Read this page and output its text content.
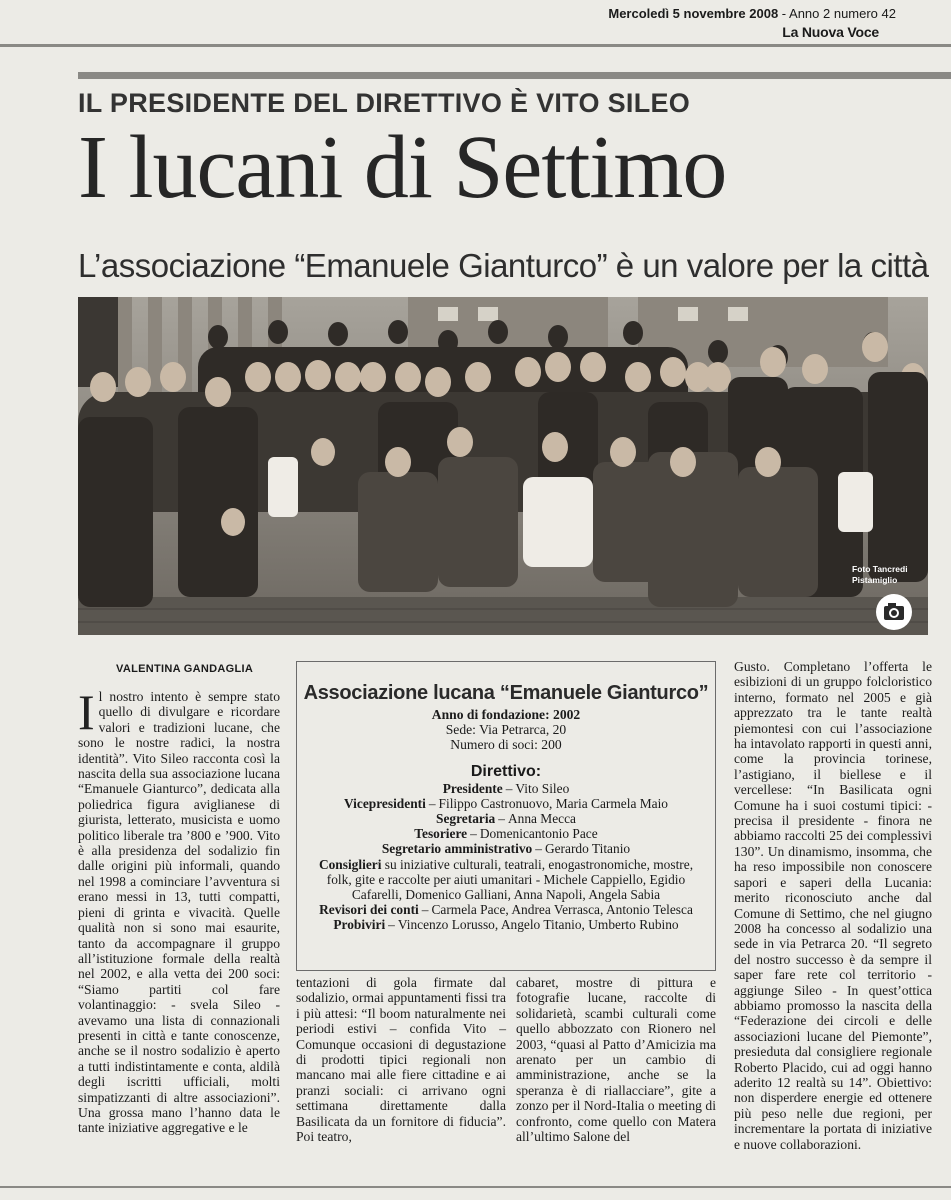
Mercoledì 5 novembre 2008 - Anno 2 numero 42
La Nuova Voce
IL PRESIDENTE DEL DIRETTIVO È VITO SILEO
I lucani di Settimo
L’associazione “Emanuele Gianturco” è un valore per la città
Foto Tancredi
Pistamiglio
VALENTINA GANDAGLIA
Il nostro intento è sempre stato quello di divulgare e ricordare valori e tradizioni lucane, che sono le nostre radici, la nostra identità”. Vito Sileo racconta così la nascita della sua associazione lucana “Emanuele Gianturco”, dedicata alla poliedrica figura aviglianese di giurista, letterato, musicista e uomo politico liberale tra ’800 e ’900. Vito è alla presidenza del sodalizio fin dalle origini più informali, quando nel 1998 a cominciare l’avventura si erano messi in 13, tutti compatti, pieni di grinta e vivacità. Quelle qualità non si sono mai esaurite, tanto da accompagnare il gruppo all’istituzione formale della realtà nel 2002, e alla vetta dei 200 soci: “Siamo partiti col fare volantinaggio: - svela Sileo - avevamo una lista di connazionali presenti in città e tante conoscenze, anche se il nostro sodalizio è aperto a tutti indistintamente e conta, aldilà degli iscritti ufficiali, molti simpatizzanti di altre associazioni”. Una grossa mano l’hanno data le tante iniziative aggregative e le
Associazione lucana “Emanuele Gianturco”
Anno di fondazione: 2002
Sede: Via Petrarca, 20
Numero di soci: 200
Direttivo:
Presidente – Vito Sileo
Vicepresidenti – Filippo Castronuovo, Maria Carmela Maio
Segretaria – Anna Mecca
Tesoriere – Domenicantonio Pace
Segretario amministrativo – Gerardo Titanio
Consiglieri su iniziative culturali, teatrali, enogastronomiche, mostre, folk, gite e raccolte per aiuti umanitari - Michele Cappiello, Egidio Cafarelli, Domenico Galliani, Anna Napoli, Angela Sabia
Revisori dei conti – Carmela Pace, Andrea Verrasca, Antonio Telesca
Probiviri – Vincenzo Lorusso, Angelo Titanio, Umberto Rubino
tentazioni di gola firmate dal sodalizio, ormai appuntamenti fissi tra i più attesi: “Il boom naturalmente nei periodi estivi – confida Vito – Comunque occasioni di degustazione di prodotti tipici regionali non mancano mai alle fiere cittadine e ai pranzi sociali: ci arrivano ogni settimana direttamente dalla Basilicata da un fornitore di fiducia”. Poi teatro,
cabaret, mostre di pittura e fotografie lucane, raccolte di solidarietà, scambi culturali come quello abbozzato con Rionero nel 2003, “quasi al Patto d’Amicizia ma arenato per un cambio di amministrazione, anche se la speranza è di riallacciare”, gite a zonzo per il Nord-Italia o meeting di confronto, come quello con Matera all’ultimo Salone del
Gusto. Completano l’offerta le esibizioni di un gruppo folcloristico interno, formato nel 2005 e già apprezzato tra le tante realtà piemontesi con cui l’associazione ha intavolato rapporti in questi anni, come la provincia torinese, l’astigiano, il biellese e il vercellese: “In Basilicata ogni Comune ha i suoi costumi tipici: - precisa il presidente - finora ne abbiamo raccolti 25 dei complessivi 130”. Un dinamismo, insomma, che ha reso impossibile non conoscere sapori e saperi della Lucania: merito riconosciuto anche dal Comune di Settimo, che nel giugno 2008 ha concesso al sodalizio una sede in via Petrarca 20. “Il segreto del nostro successo è da sempre il saper fare rete col territorio - aggiunge Sileo - In quest’ottica abbiamo promosso la nascita della “Federazione dei circoli e delle associazioni lucane del Piemonte”, presieduta dal consigliere regionale Roberto Placido, cui ad oggi hanno aderito 12 realtà su 14”. Obiettivo: non disperdere energie ed ottenere più peso nelle due regioni, per incrementare la portata di iniziative e nuove collaborazioni.
